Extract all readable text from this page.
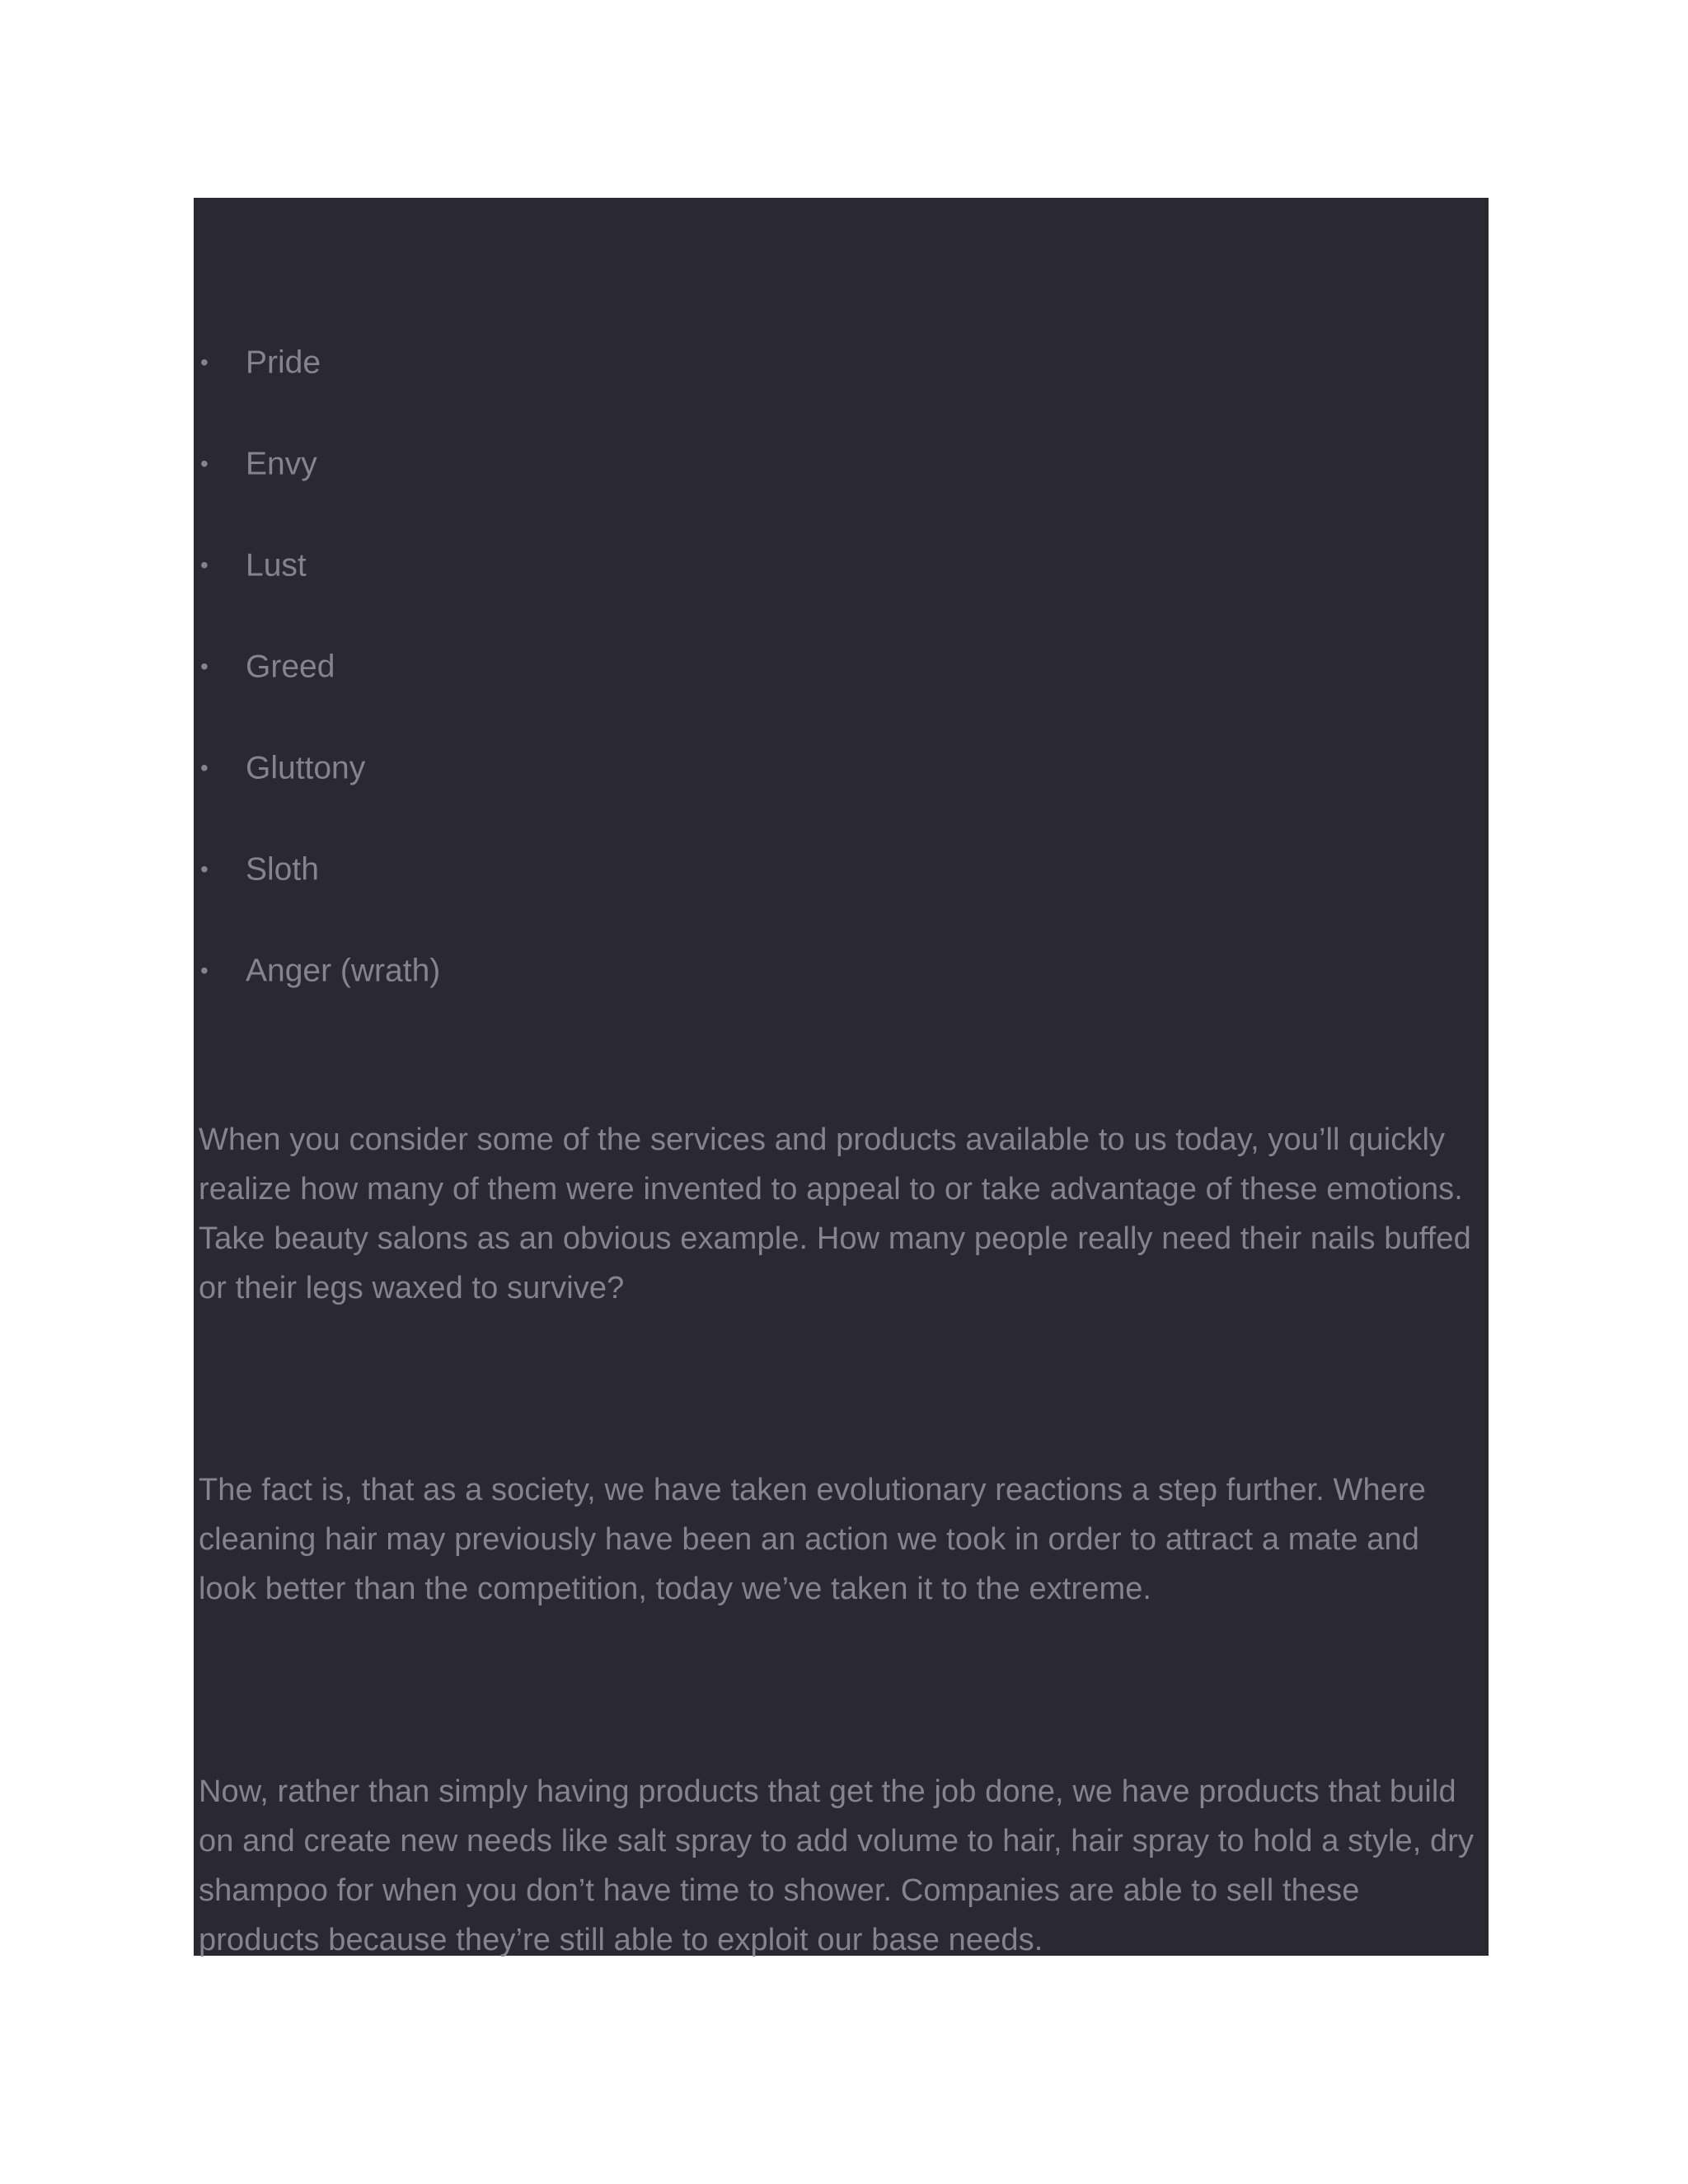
• Pride
• Envy
• Lust
• Greed
• Gluttony
• Sloth
• Anger (wrath)

When you consider some of the services and products available to us today, you’ll quickly realize how many of them were invented to appeal to or take advantage of these emotions. Take beauty salons as an obvious example. How many people really need their nails buffed or their legs waxed to survive?

The fact is, that as a society, we have taken evolutionary reactions a step further. Where cleaning hair may previously have been an action we took in order to attract a mate and look better than the competition, today we’ve taken it to the extreme.

Now, rather than simply having products that get the job done, we have products that build on and create new needs like salt spray to add volume to hair, hair spray to hold a style, dry shampoo for when you don’t have time to shower. Companies are able to sell these products because they’re still able to exploit our base needs.
